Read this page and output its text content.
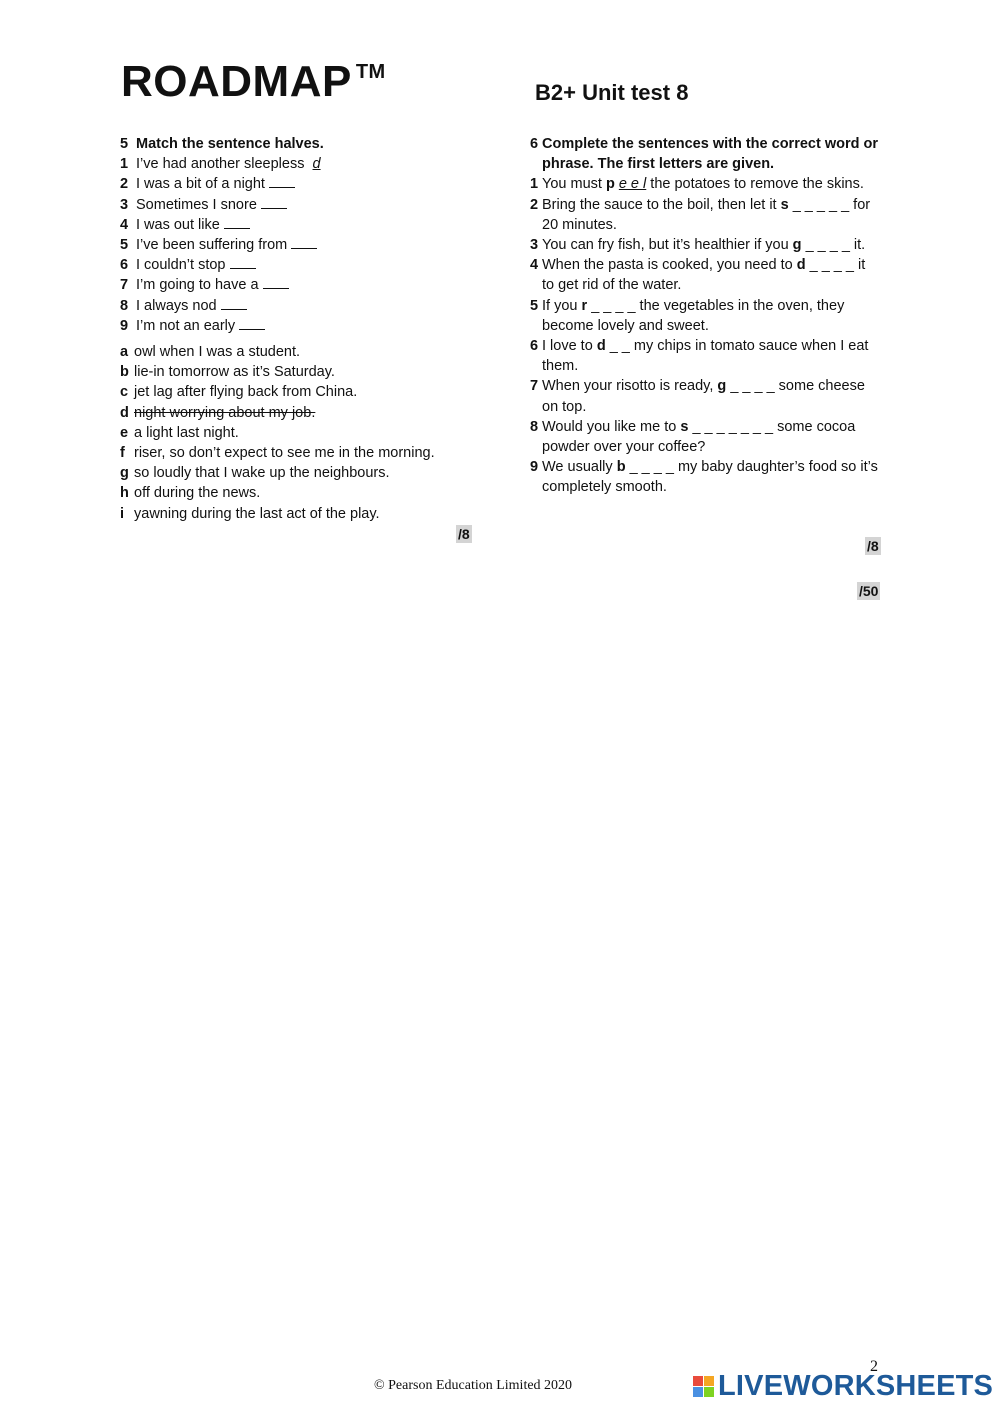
ROADMAP ™
B2+ Unit test 8
5 Match the sentence halves.
1 I’ve had another sleepless d
2 I was a bit of a night
3 Sometimes I snore
4 I was out like
5 I’ve been suffering from
6 I couldn’t stop
7 I’m going to have a
8 I always nod
9 I’m not an early
a owl when I was a student.
b lie-in tomorrow as it’s Saturday.
c jet lag after flying back from China.
d night worrying about my job.
e a light last night.
f riser, so don’t expect to see me in the morning.
g so loudly that I wake up the neighbours.
h off during the news.
i yawning during the last act of the play.
/8
6 Complete the sentences with the correct word or phrase. The first letters are given.
1 You must p e e l the potatoes to remove the skins.
2 Bring the sauce to the boil, then let it s _ _ _ _ _ for 20 minutes.
3 You can fry fish, but it’s healthier if you g _ _ _ _ it.
4 When the pasta is cooked, you need to d _ _ _ _ it to get rid of the water.
5 If you r _ _ _ _ the vegetables in the oven, they become lovely and sweet.
6 I love to d _ _ my chips in tomato sauce when I eat them.
7 When your risotto is ready, g _ _ _ _ some cheese on top.
8 Would you like me to s _ _ _ _ _ _ _ some cocoa powder over your coffee?
9 We usually b _ _ _ _ my baby daughter’s food so it’s completely smooth.
/8
/50
2
© Pearson Education Limited 2020	LIVEWORKSHEETS
